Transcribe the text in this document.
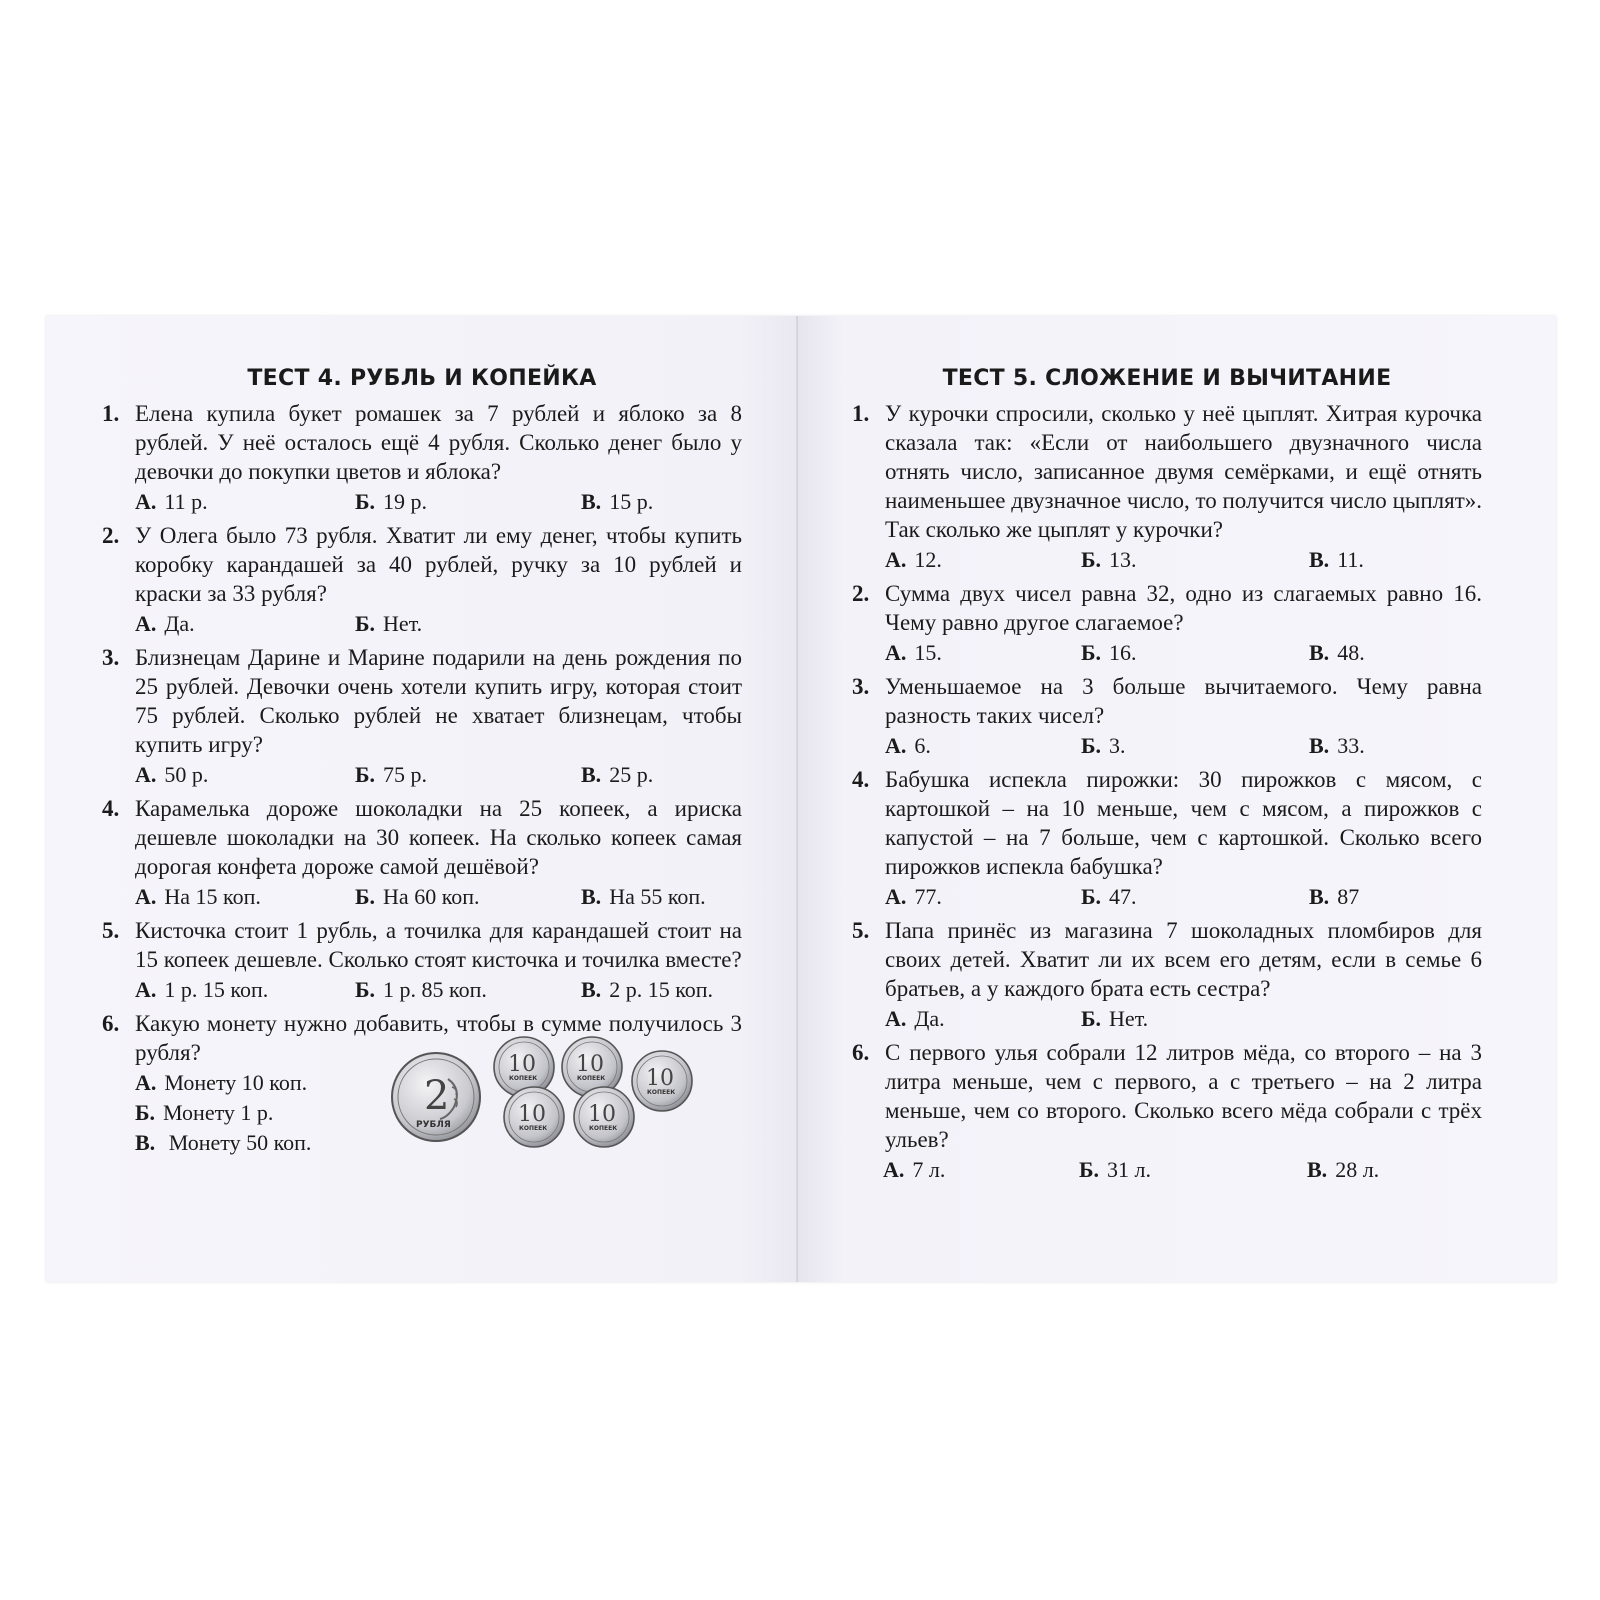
ТЕСТ 4. РУБЛЬ И КОПЕЙКА
1. Елена купила букет ромашек за 7 рублей и яблоко за 8 рублей. У неё осталось ещё 4 рубля. Сколько денег было у девочки до покупки цветов и яблока?

А. 11 р.	Б. 19 р.	В. 15 р.
2. У Олега было 73 рубля. Хватит ли ему денег, чтобы купить коробку карандашей за 40 рублей, ручку за 10 рублей и краски за 33 рубля?

А. Да.	Б. Нет.
3. Близнецам Дарине и Марине подарили на день рождения по 25 рублей. Девочки очень хотели купить игру, которая стоит 75 рублей. Сколько рублей не хватает близнецам, чтобы купить игру?

А. 50 р.	Б. 75 р.	В. 25 р.
4. Карамелька дороже шоколадки на 25 копеек, а ириска дешевле шоколадки на 30 копеек. На сколько копеек самая дорогая конфета дороже самой дешёвой?

А. На 15 коп.	Б. На 60 коп.	В. На 55 коп.
5. Кисточка стоит 1 рубль, а точилка для карандашей стоит на 15 копеек дешевле. Сколько стоят кисточка и точилка вместе?

А. 1 р. 15 коп.	Б. 1 р. 85 коп.	В. 2 р. 15 коп.
6. Какую монету нужно добавить, чтобы в сумме получилось 3 рубля?

А. Монету 10 коп.
Б. Монету 1 р.
В. Монету 50 коп.
2
РУБЛЯ
10
КОПЕЕК
10
КОПЕЕК 10
КОПЕЕК
10
КОПЕЕК
10
КОПЕЕК
ТЕСТ 5. СЛОЖЕНИЕ И ВЫЧИТАНИЕ
1. У курочки спросили, сколько у неё цыплят. Хитрая курочка сказала так: «Если от наибольшего двузначного числа отнять число, записанное двумя семёрками, и ещё отнять наименьшее двузначное число, то получится число цыплят». Так сколько же цыплят у курочки?

А. 12.	Б. 13.	В. 11.
2. Сумма двух чисел равна 32, одно из слагаемых равно 16. Чему равно другое слагаемое?

А. 15.	Б. 16.	В. 48.
3. Уменьшаемое на 3 больше вычитаемого. Чему равна разность таких чисел?

А. 6.	Б. 3.	В. 33.
4. Бабушка испекла пирожки: 30 пирожков с мясом, с картошкой – на 10 меньше, чем с мясом, а пирожков с капустой – на 7 больше, чем с картошкой. Сколько всего пирожков испекла бабушка?

А. 77.	Б. 47.	В. 87
5. Папа принёс из магазина 7 шоколадных пломбиров для своих детей. Хватит ли их всем его детям, если в семье 6 братьев, а у каждого брата есть сестра?

А. Да.	Б. Нет.
6. С первого улья собрали 12 литров мёда, со второго – на 3 литра меньше, чем с первого, а с третьего – на 2 литра меньше, чем со второго. Сколько всего мёда собрали с трёх ульев?

А. 7 л.	Б. 31 л.	В. 28 л.
